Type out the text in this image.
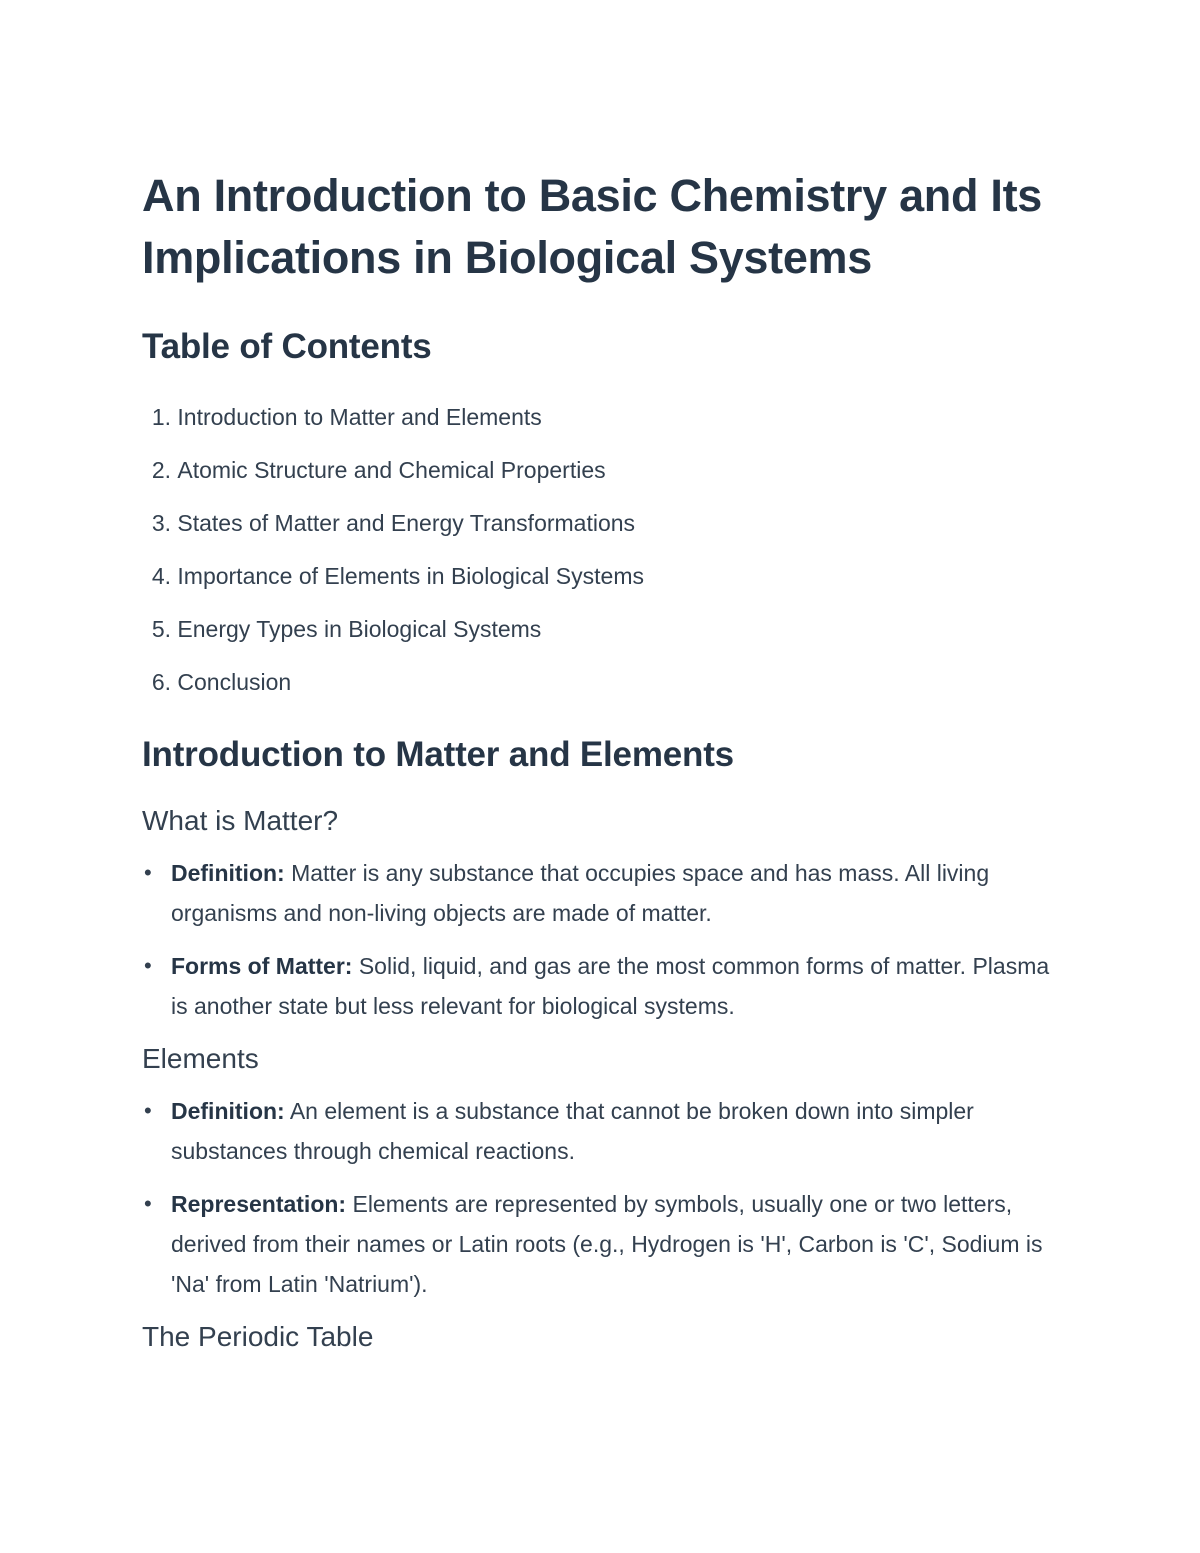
An Introduction to Basic Chemistry and Its Implications in Biological Systems
Table of Contents
1.
Introduction to Matter and Elements
2.
Atomic Structure and Chemical Properties
3.
States of Matter and Energy Transformations
4.
Importance of Elements in Biological Systems
5.
Energy Types in Biological Systems
6.
Conclusion
Introduction to Matter and Elements
What is Matter?
• Definition: Matter is any substance that occupies space and has mass. All living organisms and non-living objects are made of matter.
• Forms of Matter: Solid, liquid, and gas are the most common forms of matter. Plasma is another state but less relevant for biological systems.
Elements
• Definition: An element is a substance that cannot be broken down into simpler substances through chemical reactions.
• Representation: Elements are represented by symbols, usually one or two letters, derived from their names or Latin roots (e.g., Hydrogen is 'H', Carbon is 'C', Sodium is 'Na' from Latin 'Natrium').
The Periodic Table
